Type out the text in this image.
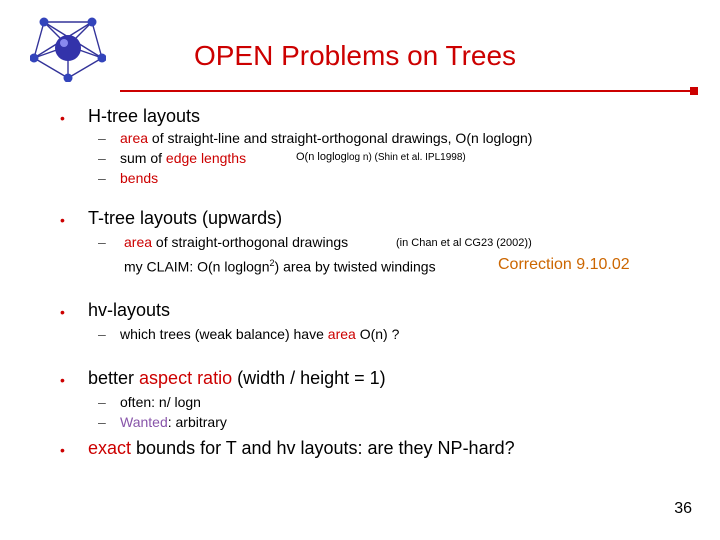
OPEN Problems on Trees
• H-tree layouts
– area of straight-line and straight-orthogonal drawings, O(n loglogn)
– sum of edge lengths	O(n logloglog n) (Shin et al. IPL1998)
– bends
• T-tree layouts (upwards)
– area of straight-orthogonal drawings	(in Chan et al CG23 (2002))
my CLAIM: O(n loglogn$^2$) area by twisted windings	Correction 9.10.02
• hv-layouts
– which trees (weak balance) have area O(n) ?
• better aspect ratio (width / height = 1)
– often: n/ logn
– Wanted: arbitrary
• exact bounds for T and hv layouts: are they NP-hard?
36
